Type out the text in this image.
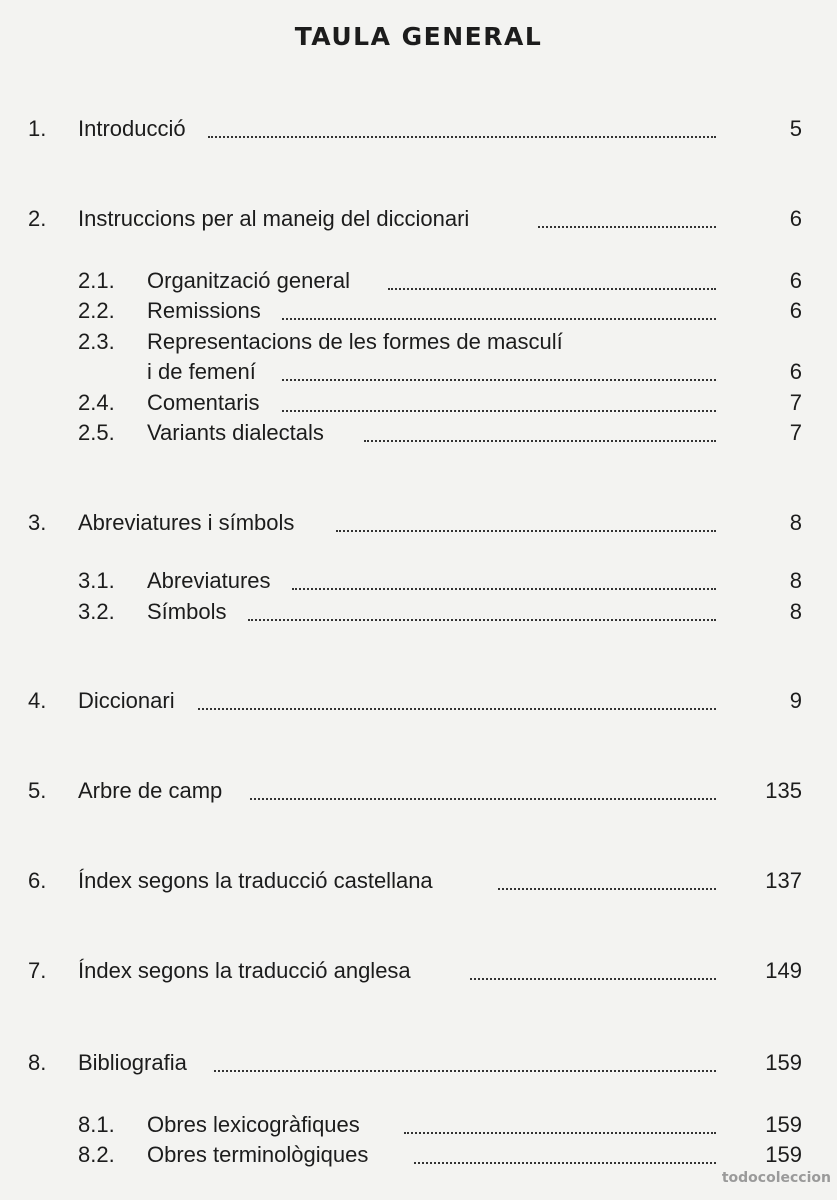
TAULA GENERAL
1. Introducció	5
2. Instruccions per al maneig del diccionari	6
2.1. Organització general	6
2.2. Remissions	6
2.3. Representacions de les formes de masculí
i de femení	6
2.4. Comentaris	7
2.5. Variants dialectals	7
3. Abreviatures i símbols	8
3.1. Abreviatures	8
3.2. Símbols	8
4. Diccionari	9
5. Arbre de camp	135
6. Índex segons la traducció castellana	137
7. Índex segons la traducció anglesa	149
8. Bibliografia	159
8.1. Obres lexicogràfiques	159
8.2. Obres terminològiques	159
todocoleccion
